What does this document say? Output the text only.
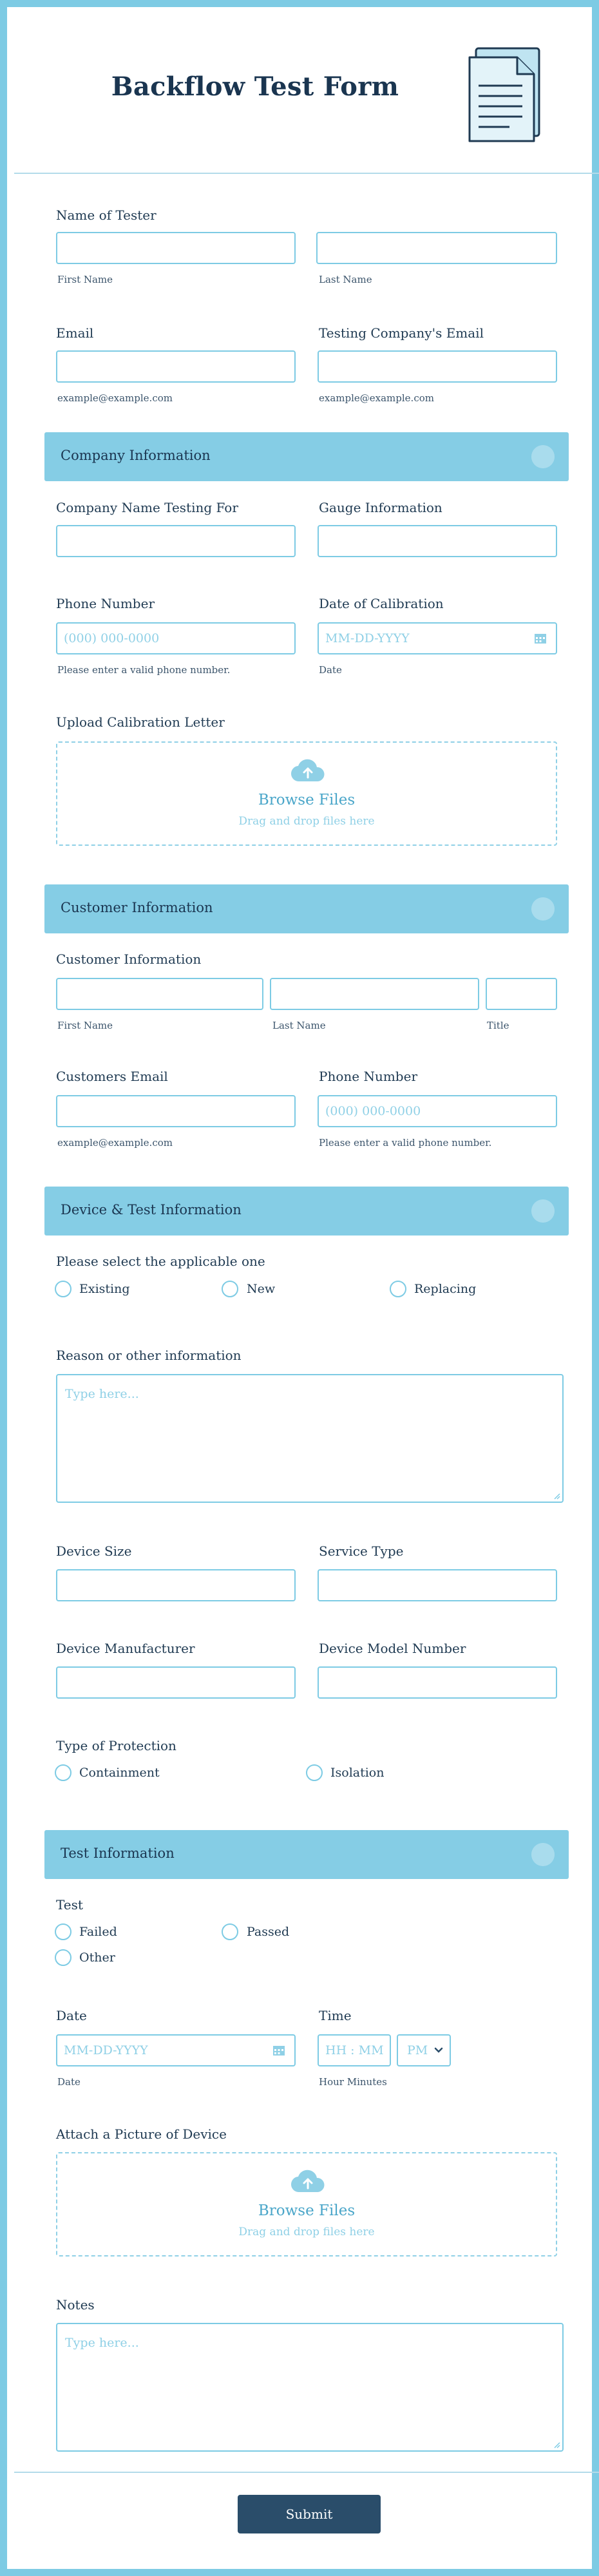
Backflow Test Form
Name of Tester
First Name	Last Name
Email
example@example.com
Testing Company's Email
example@example.com
Company Information
Company Name Testing For	Gauge Information
Phone Number
(000) 000-0000
Please enter a valid phone number.
Date of Calibration
MM-DD-YYYY
Date
Upload Calibration Letter
Browse Files
Drag and drop files here
Customer Information
Customer Information
First Name	Last Name	Title
Customers Email
example@example.com
Phone Number
(000) 000-0000
Please enter a valid phone number.
Device & Test Information
Please select the applicable one
Existing	New	Replacing
Reason or other information
Type here...
Device Size	Service Type
Device Manufacturer	Device Model Number
Type of Protection
Containment	Isolation
Test Information
Test
Failed	Passed
Other
Date
MM-DD-YYYY
Date
Time
HH : MM PM
Hour Minutes
Attach a Picture of Device
Browse Files
Drag and drop files here
Notes
Type here...
Submit
